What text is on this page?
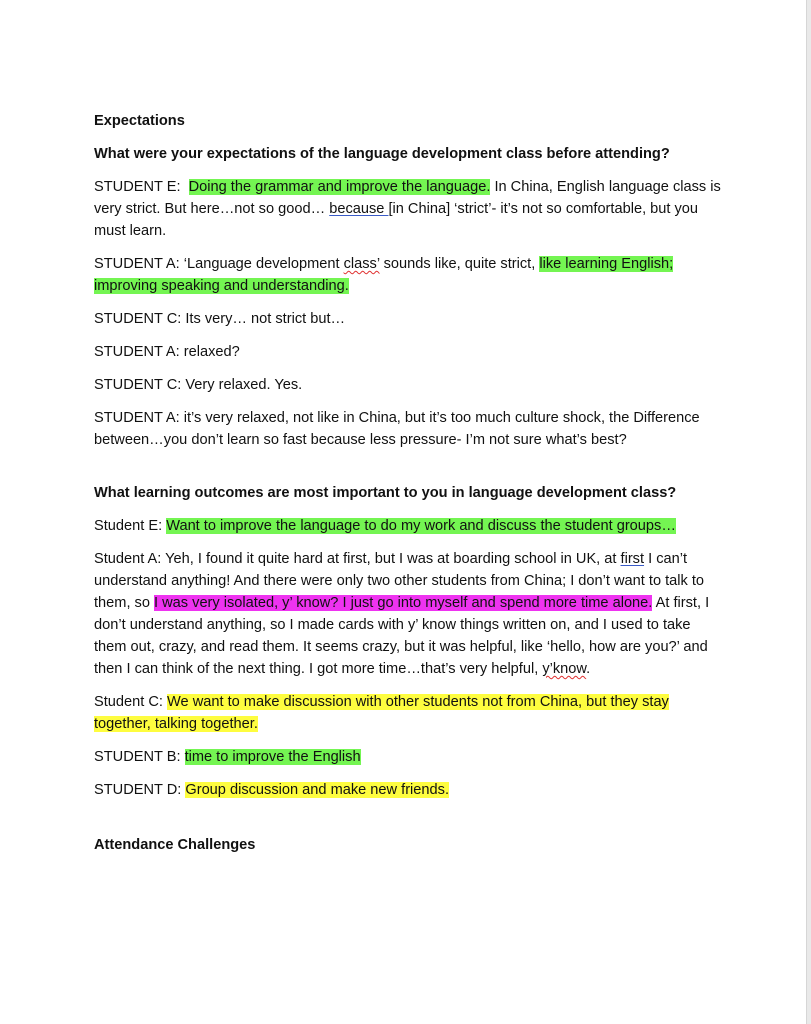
Expectations

What were your expectations of the language development class before attending?

STUDENT E: Doing the grammar and improve the language. In China, English language class is very strict. But here…not so good… because [in China] ‘strict’- it’s not so comfortable, but you must learn.

STUDENT A: ‘Language development class’ sounds like, quite strict, like learning English; improving speaking and understanding.

STUDENT C: Its very… not strict but…

STUDENT A: relaxed?

STUDENT C: Very relaxed. Yes.

STUDENT A: it’s very relaxed, not like in China, but it’s too much culture shock, the Difference between…you don’t learn so fast because less pressure- I’m not sure what’s best?

What learning outcomes are most important to you in language development class?

Student E: Want to improve the language to do my work and discuss the student groups…

Student A: Yeh, I found it quite hard at first, but I was at boarding school in UK, at first I can’t understand anything! And there were only two other students from China; I don’t want to talk to them, so I was very isolated, y’ know? I just go into myself and spend more time alone. At first, I don’t understand anything, so I made cards with y’ know things written on, and I used to take them out, crazy, and read them. It seems crazy, but it was helpful, like ‘hello, how are you?’ and then I can think of the next thing. I got more time…that’s very helpful, y’know.

Student C: We want to make discussion with other students not from China, but they stay together, talking together.

STUDENT B: time to improve the English

STUDENT D: Group discussion and make new friends.

Attendance Challenges
